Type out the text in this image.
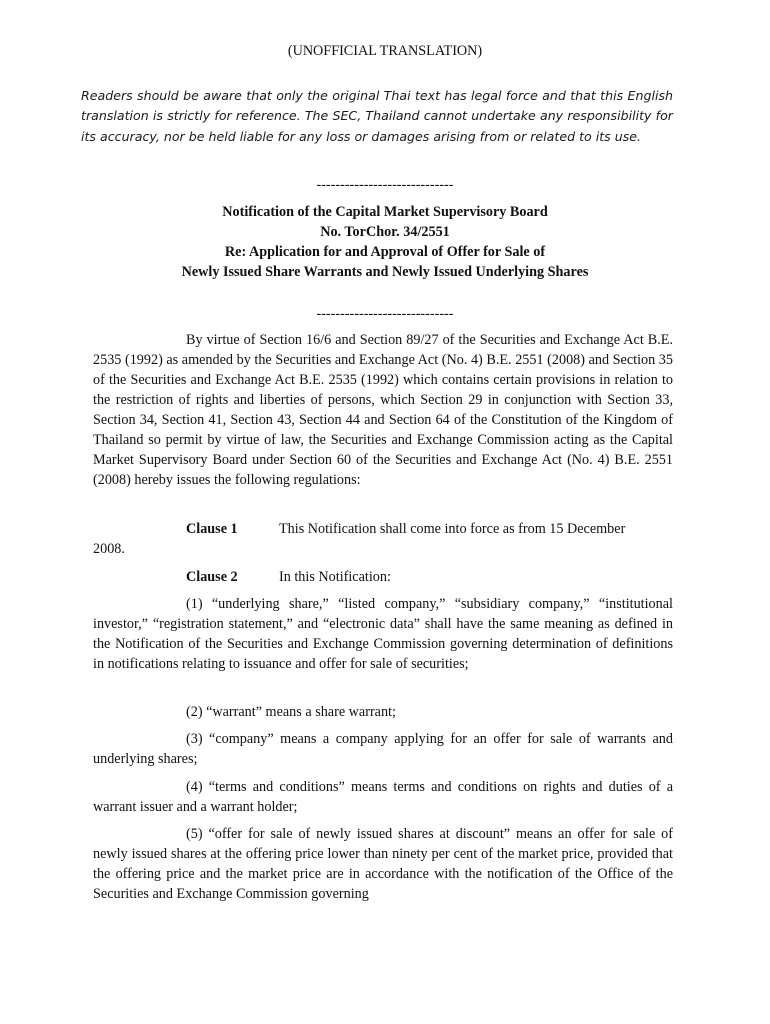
(UNOFFICIAL TRANSLATION)
Readers should be aware that only the original Thai text has legal force and that this English translation is strictly for reference. The SEC, Thailand cannot undertake any responsibility for its accuracy, nor be held liable for any loss or damages arising from or related to its use.
-----------------------------
Notification of the Capital Market Supervisory Board
No. TorChor. 34/2551
Re: Application for and Approval of Offer for Sale of
Newly Issued Share Warrants and Newly Issued Underlying Shares
-----------------------------
By virtue of Section 16/6 and Section 89/27 of the Securities and Exchange Act B.E. 2535 (1992) as amended by the Securities and Exchange Act (No. 4) B.E. 2551 (2008) and Section 35 of the Securities and Exchange Act B.E. 2535 (1992) which contains certain provisions in relation to the restriction of rights and liberties of persons, which Section 29 in conjunction with Section 33, Section 34, Section 41, Section 43, Section 44 and Section 64 of the Constitution of the Kingdom of Thailand so permit by virtue of law, the Securities and Exchange Commission acting as the Capital Market Supervisory Board under Section 60 of the Securities and Exchange Act (No. 4) B.E. 2551 (2008) hereby issues the following regulations:
Clause 1	This Notification shall come into force as from 15 December
2008.
Clause 2	In this Notification:
(1) “underlying share,” “listed company,” “subsidiary company,” “institutional investor,” “registration statement,” and “electronic data” shall have the same meaning as defined in the Notification of the Securities and Exchange Commission governing determination of definitions in notifications relating to issuance and offer for sale of securities;
(2) “warrant” means a share warrant;
(3) “company” means a company applying for an offer for sale of warrants and underlying shares;
(4) “terms and conditions” means terms and conditions on rights and duties of a warrant issuer and a warrant holder;
(5) “offer for sale of newly issued shares at discount” means an offer for sale of newly issued shares at the offering price lower than ninety per cent of the market price, provided that the offering price and the market price are in accordance with the notification of the Office of the Securities and Exchange Commission governing
